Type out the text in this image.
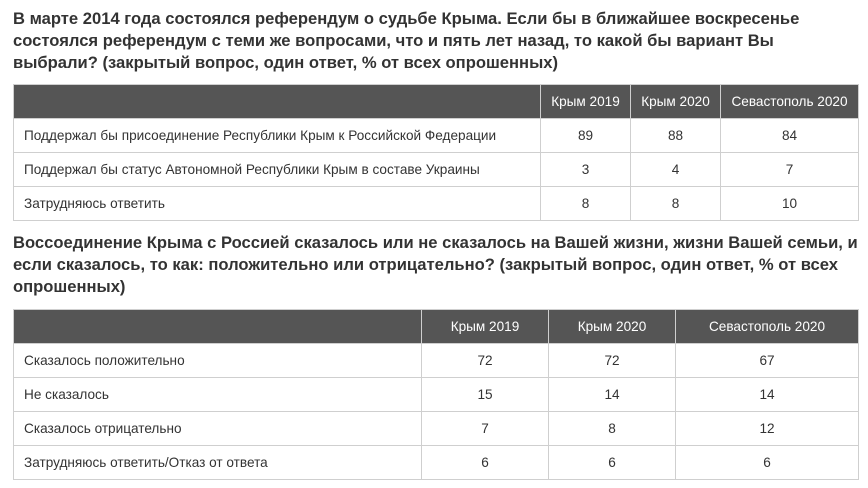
В марте 2014 года состоялся референдум о судьбе Крыма. Если бы в ближайшее воскресенье состоялся референдум с теми же вопросами, что и пять лет назад, то какой бы вариант Вы выбрали? (закрытый вопрос, один ответ, % от всех опрошенных)

	Крым 2019	Крым 2020	Севастополь 2020
Поддержал бы присоединение Республики Крым к Российской Федерации	89	88	84
Поддержал бы статус Автономной Республики Крым в составе Украины	3	4	7
Затрудняюсь ответить	8	8	10

Воссоединение Крыма с Россией сказалось или не сказалось на Вашей жизни, жизни Вашей семьи, и если сказалось, то как: положительно или отрицательно? (закрытый вопрос, один ответ, % от всех опрошенных)

	Крым 2019	Крым 2020	Севастополь 2020
Сказалось положительно	72	72	67
Не сказалось	15	14	14
Сказалось отрицательно	7	8	12
Затрудняюсь ответить/Отказ от ответа	6	6	6
